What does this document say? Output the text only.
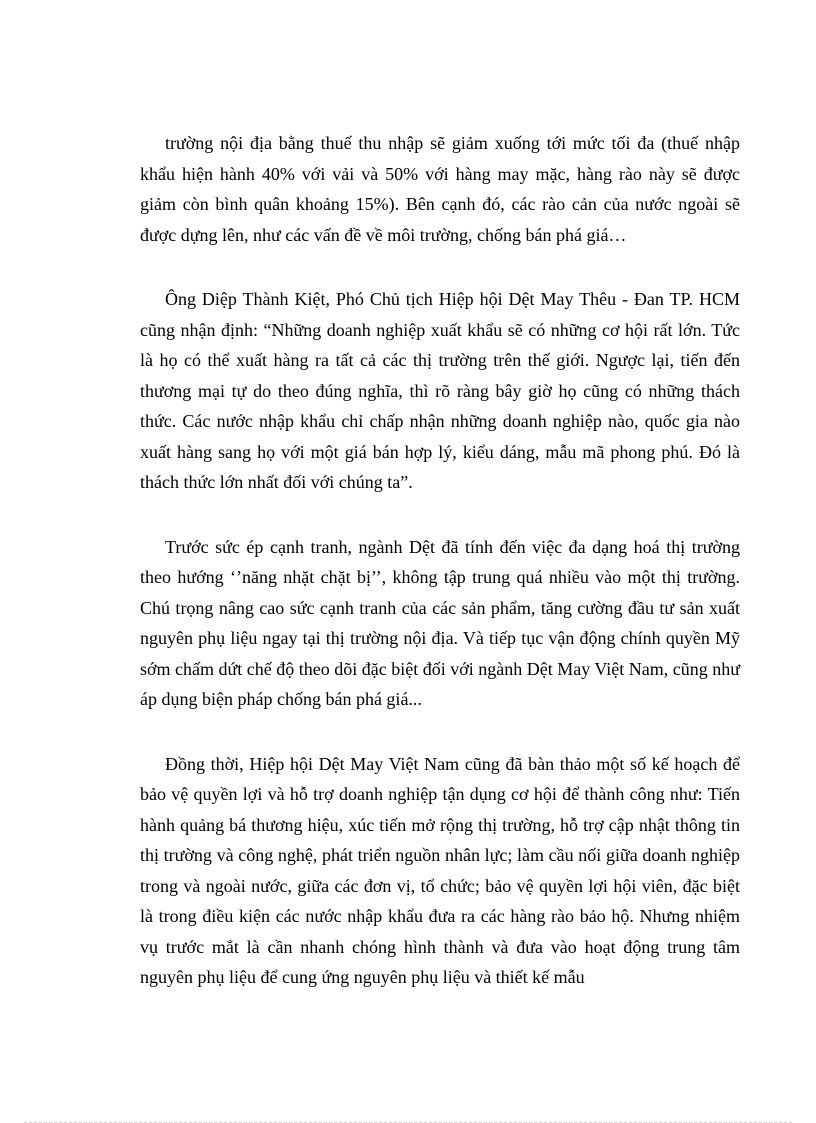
trường nội địa bằng thuế thu nhập sẽ giảm xuống tới mức tối đa (thuế nhập khẩu hiện hành 40% với vải và 50% với hàng may mặc, hàng rào này sẽ được giảm còn bình quân khoảng 15%). Bên cạnh đó, các rào cản của nước ngoài sẽ được dựng lên, như các vấn đề về môi trường, chống bán phá giá…

Ông Diệp Thành Kiệt, Phó Chủ tịch Hiệp hội Dệt May Thêu - Đan TP. HCM cũng nhận định: “Những doanh nghiệp xuất khẩu sẽ có những cơ hội rất lớn. Tức là họ có thể xuất hàng ra tất cả các thị trường trên thế giới. Ngược lại, tiến đến thương mại tự do theo đúng nghĩa, thì rõ ràng bây giờ họ cũng có những thách thức. Các nước nhập khẩu chỉ chấp nhận những doanh nghiệp nào, quốc gia nào xuất hàng sang họ với một giá bán hợp lý, kiểu dáng, mẫu mã phong phú. Đó là thách thức lớn nhất đối với chúng ta”.

Trước sức ép cạnh tranh, ngành Dệt đã tính đến việc đa dạng hoá thị trường theo hướng ‘’năng nhặt chặt bị’’, không tập trung quá nhiều vào một thị trường. Chú trọng nâng cao sức cạnh tranh của các sản phẩm, tăng cường đầu tư sản xuất nguyên phụ liệu ngay tại thị trường nội địa. Và tiếp tục vận động chính quyền Mỹ sớm chấm dứt chế độ theo dõi đặc biệt đối với ngành Dệt May Việt Nam, cũng như áp dụng biện pháp chống bán phá giá...

Đồng thời, Hiệp hội Dệt May Việt Nam cũng đã bàn thảo một số kế hoạch để bảo vệ quyền lợi và hỗ trợ doanh nghiệp tận dụng cơ hội để thành công như: Tiến hành quảng bá thương hiệu, xúc tiến mở rộng thị trường, hỗ trợ cập nhật thông tin thị trường và công nghệ, phát triển nguồn nhân lực; làm cầu nối giữa doanh nghiệp trong và ngoài nước, giữa các đơn vị, tổ chức; bảo vệ quyền lợi hội viên, đặc biệt là trong điều kiện các nước nhập khẩu đưa ra các hàng rào bảo hộ. Nhưng nhiệm vụ trước mắt là cần nhanh chóng hình thành và đưa vào hoạt động trung tâm nguyên phụ liệu để cung ứng nguyên phụ liệu và thiết kế mẫu
